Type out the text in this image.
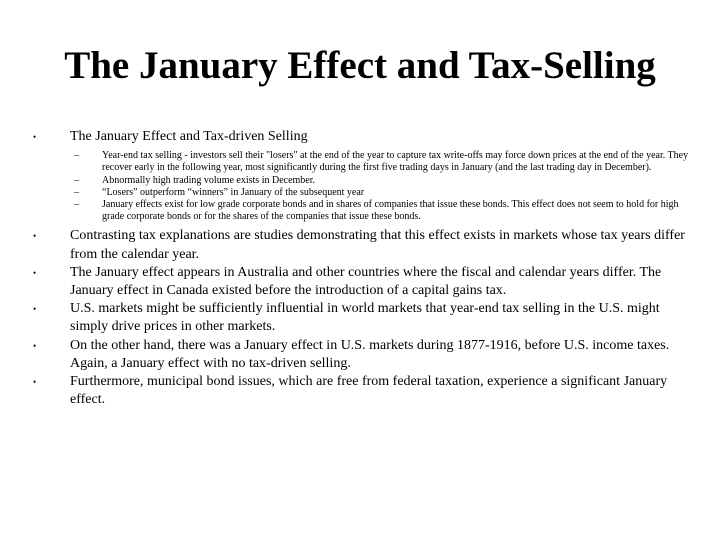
The January Effect and Tax-Selling
• The January Effect and Tax-driven Selling
– Year-end tax selling - investors sell their "losers" at the end of the year to capture tax write-offs may force down prices at the end of the year. They recover early in the following year, most significantly during the first five trading days in January (and the last trading day in December).
– Abnormally high trading volume exists in December.
– “Losers” outperform “winners” in January of the subsequent year
– January effects exist for low grade corporate bonds and in shares of companies that issue these bonds. This effect does not seem to hold for high grade corporate bonds or for the shares of the companies that issue these bonds.
• Contrasting tax explanations are studies demonstrating that this effect exists in markets whose tax years differ from the calendar year.
• The January effect appears in Australia and other countries where the fiscal and calendar years differ. The January effect in Canada existed before the introduction of a capital gains tax.
• U.S. markets might be sufficiently influential in world markets that year-end tax selling in the U.S. might simply drive prices in other markets.
• On the other hand, there was a January effect in U.S. markets during 1877-1916, before U.S. income taxes. Again, a January effect with no tax-driven selling.
• Furthermore, municipal bond issues, which are free from federal taxation, experience a significant January effect.
